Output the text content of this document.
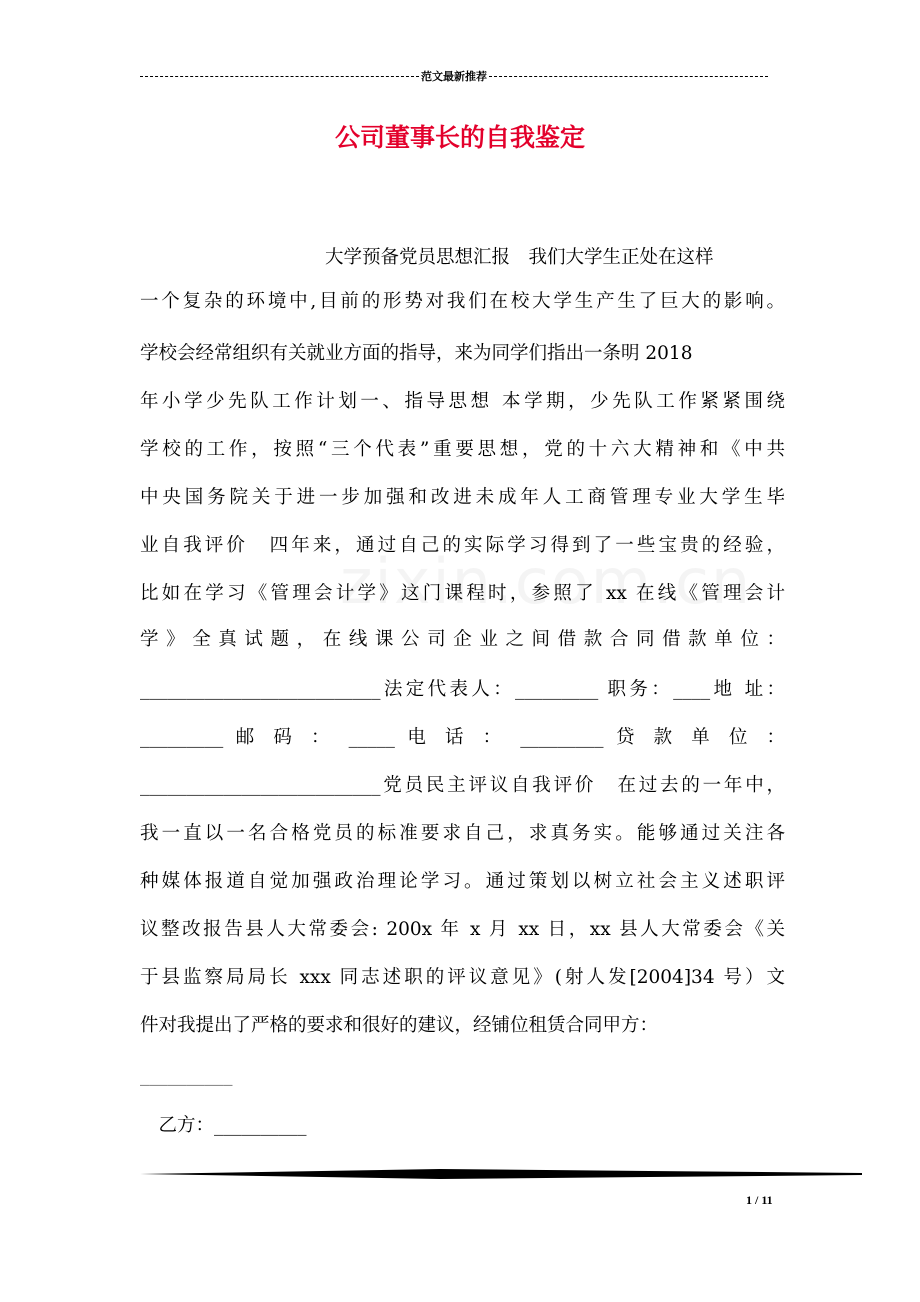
范文最新推荐
公司董事长的自我鉴定
　　　　　　　　　　大学预备党员思想汇报　我们大学生正处在这样
一个复杂的环境中,目前的形势对我们在校大学生产生了巨大的影响。
学校会经常组织有关就业方面的指导，来为同学们指出一条明 2018
年小学少先队工作计划一、指导思想 本学期，少先队工作紧紧围绕
学校的工作，按照“三个代表”重要思想，党的十六大精神和《中共
中央国务院关于进一步加强和改进未成年人工商管理专业大学生毕
业自我评价　四年来，通过自己的实际学习得到了一些宝贵的经验，
比如在学习《管理会计学》这门课程时，参照了 xx 在线《管理会计
学》全真试题，在线课公司企业之间借款合同借款单位：
__________________________法定代表人：_________ 职务：____地 址：
_________ 邮 码 ： _____ 电 话 ： _________ 贷 款 单 位 ：
__________________________党员民主评议自我评价　在过去的一年中，
我一直以一名合格党员的标准要求自己，求真务实。能够通过关注各
种媒体报道自觉加强政治理论学习。通过策划以树立社会主义述职评
议整改报告县人大常委会: 200x 年 x 月 xx 日，xx 县人大常委会《关
于县监察局局长 xxx 同志述职的评议意见》(射人发[2004]34 号）文
件对我提出了严格的要求和很好的建议，经铺位租赁合同甲方：
__________
　乙方：__________
1 / 11
